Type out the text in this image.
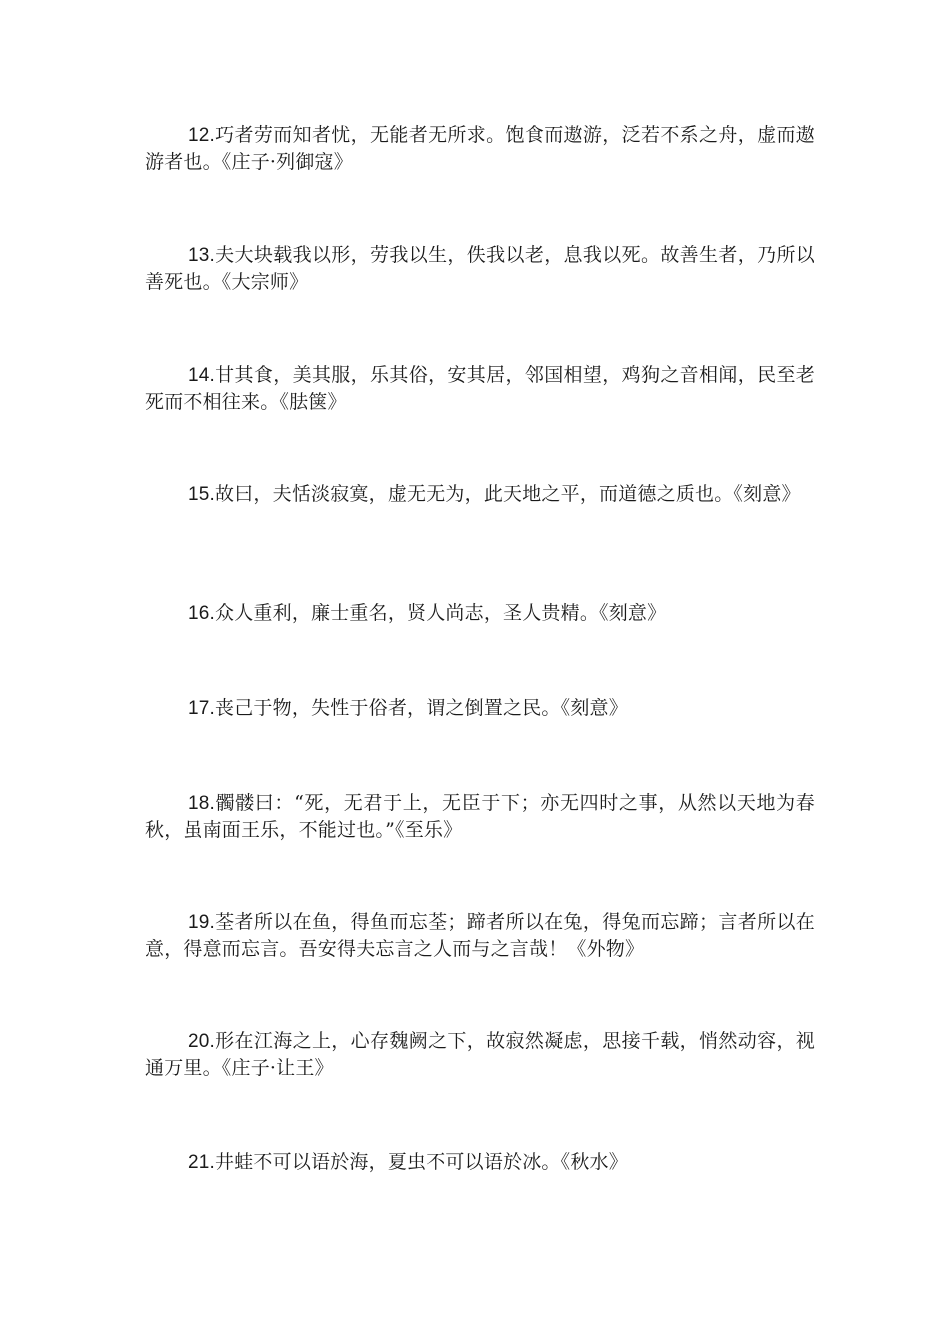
12.巧者劳而知者忧，无能者无所求。饱食而遨游，泛若不系之舟，虚而遨游者也。《庄子·列御寇》

13.夫大块载我以形，劳我以生，佚我以老，息我以死。故善生者，乃所以善死也。《大宗师》

14.甘其食，美其服，乐其俗，安其居，邻国相望，鸡狗之音相闻，民至老死而不相往来。《胠箧》

15.故曰，夫恬淡寂寞，虚无无为，此天地之平，而道德之质也。《刻意》

16.众人重利，廉士重名，贤人尚志，圣人贵精。《刻意》

17.丧己于物，失性于俗者，谓之倒置之民。《刻意》

18.髑髅曰：“死，无君于上，无臣于下；亦无四时之事，从然以天地为春秋，虽南面王乐，不能过也。”《至乐》

19.荃者所以在鱼，得鱼而忘荃；蹄者所以在兔，得兔而忘蹄；言者所以在意，得意而忘言。吾安得夫忘言之人而与之言哉！《外物》

20.形在江海之上，心存魏阙之下，故寂然凝虑，思接千载，悄然动容，视通万里。《庄子·让王》

21.井蛙不可以语於海，夏虫不可以语於冰。《秋水》
